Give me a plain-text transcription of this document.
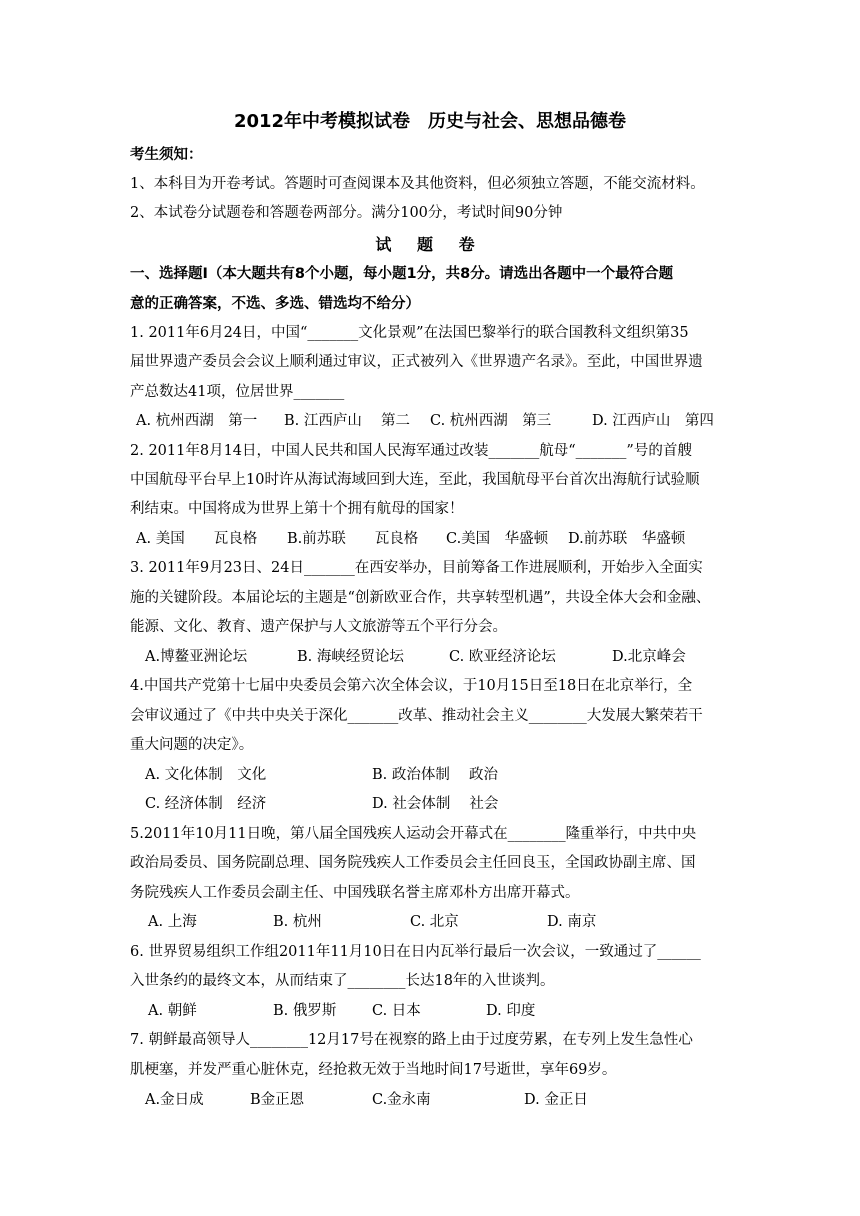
2012年中考模拟试卷　历史与社会、思想品德卷
考生须知：
1、本科目为开卷考试。答题时可查阅课本及其他资料，但必须独立答题，不能交流材料。
2、本试卷分试题卷和答题卷两部分。满分100分，考试时间90分钟
试 题 卷
一、选择题Ⅰ（本大题共有8个小题，每小题1分，共8分。请选出各题中一个最符合题
意的正确答案，不选、多选、错选均不给分）
1. 2011年6月24日，中国“_______文化景观”在法国巴黎举行的联合国教科文组织第35
届世界遗产委员会会议上顺利通过审议，正式被列入《世界遗产名录》。至此，中国世界遗
产总数达41项，位居世界_______
A. 杭州西湖　第一 B. 江西庐山　 第二 C. 杭州西湖　第三	D. 江西庐山　第四
2. 2011年8月14日，中国人民共和国人民海军通过改装_______航母“_______”号的首艘
中国航母平台早上10时许从海试海域回到大连，至此，我国航母平台首次出海航行试验顺
利结束。中国将成为世界上第十个拥有航母的国家！
A. 美国　　瓦良格 B.前苏联　　瓦良格 C.美国　华盛顿 D.前苏联　华盛顿
3. 2011年9月23日、24日_______在西安举办，目前筹备工作进展顺利，开始步入全面实
施的关键阶段。本届论坛的主题是“创新欧亚合作，共享转型机遇”，共设全体大会和金融、
能源、文化、教育、遗产保护与人文旅游等五个平行分会。
A.博鳌亚洲论坛	B. 海峡经贸论坛	C. 欧亚经济论坛	D.北京峰会
4.中国共产党第十七届中央委员会第六次全体会议，于10月15日至18日在北京举行，全
会审议通过了《中共中央关于深化_______改革、推动社会主义________大发展大繁荣若干
重大问题的决定》。
A. 文化体制　文化	B. 政治体制　 政治
C. 经济体制　经济	D. 社会体制　 社会
5.2011年10月11日晚，第八届全国残疾人运动会开幕式在________隆重举行，中共中央
政治局委员、国务院副总理、国务院残疾人工作委员会主任回良玉，全国政协副主席、国
务院残疾人工作委员会副主任、中国残联名誉主席邓朴方出席开幕式。
A. 上海	B. 杭州	C. 北京	D. 南京
6. 世界贸易组织工作组2011年11月10日在日内瓦举行最后一次会议，一致通过了______
入世条约的最终文本，从而结束了________长达18年的入世谈判。
A. 朝鲜	B. 俄罗斯 C. 日本	D. 印度
7. 朝鲜最高领导人________12月17号在视察的路上由于过度劳累，在专列上发生急性心
肌梗塞，并发严重心脏休克，经抢救无效于当地时间17号逝世，享年69岁。
A.金日成	B金正恩	C.金永南	D. 金正日
